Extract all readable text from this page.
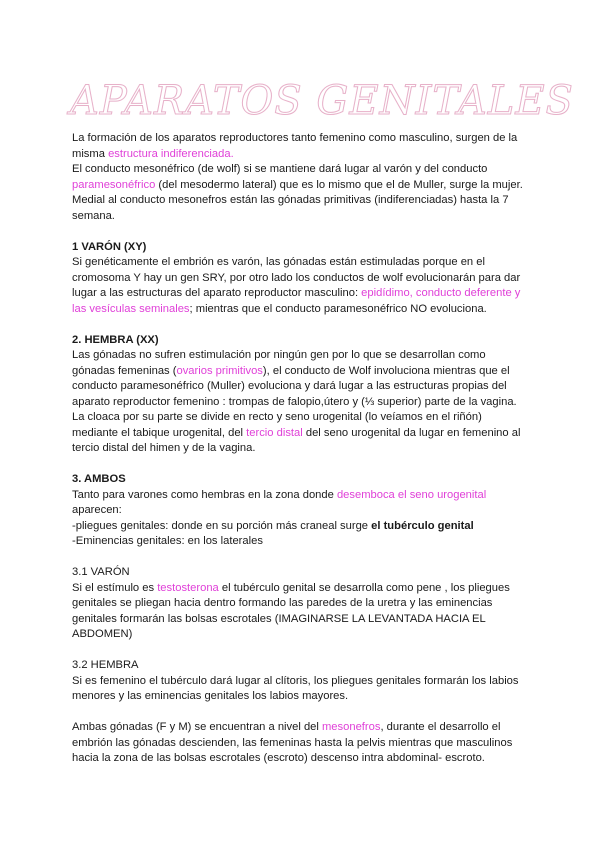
APARATOS GENITALES

La formación de los aparatos reproductores tanto femenino como masculino, surgen de la misma estructura indiferenciada.

El conducto mesonéfrico (de wolf) si se mantiene dará lugar al varón y del conducto paramesonéfrico (del mesodermo lateral) que es lo mismo que el de Muller, surge la mujer.

Medial al conducto mesonefros están las gónadas primitivas (indiferenciadas) hasta la 7 semana.

1 VARÓN (XY)

Si genéticamente el embrión es varón, las gónadas están estimuladas porque en el cromosoma Y hay un gen SRY, por otro lado los conductos de wolf evolucionarán para dar lugar a las estructuras del aparato reproductor masculino: epidídimo, conducto deferente y las vesículas seminales; mientras que el conducto paramesonéfrico NO evoluciona.

2. HEMBRA (XX)

Las gónadas no sufren estimulación por ningún gen por lo que se desarrollan como gónadas femeninas (ovarios primitivos), el conducto de Wolf involuciona mientras que el conducto paramesonéfrico (Muller) evoluciona y dará lugar a las estructuras propias del aparato reproductor femenino : trompas de falopio,útero y (⅓ superior) parte de la vagina.

La cloaca por su parte se divide en recto y seno urogenital (lo veíamos en el riñón) mediante el tabique urogenital, del tercio distal del seno urogenital da lugar en femenino al tercio distal del himen y de la vagina.

3. AMBOS

Tanto para varones como hembras en la zona donde desemboca el seno urogenital aparecen:

-pliegues genitales: donde en su porción más craneal surge el tubérculo genital

-Eminencias genitales: en los laterales

3.1 VARÓN

Si el estímulo es testosterona el tubérculo genital se desarrolla como pene , los pliegues genitales se pliegan hacia dentro formando las paredes de la uretra y las eminencias genitales formarán las bolsas escrotales (IMAGINARSE LA LEVANTADA HACIA EL ABDOMEN)

3.2 HEMBRA

Si es femenino el tubérculo dará lugar al clítoris, los pliegues genitales formarán los labios menores y las eminencias genitales los labios mayores.

Ambas gónadas (F y M) se encuentran a nivel del mesonefros, durante el desarrollo el embrión las gónadas descienden, las femeninas hasta la pelvis mientras que masculinos hacia la zona de las bolsas escrotales (escroto) descenso intra abdominal- escroto.
